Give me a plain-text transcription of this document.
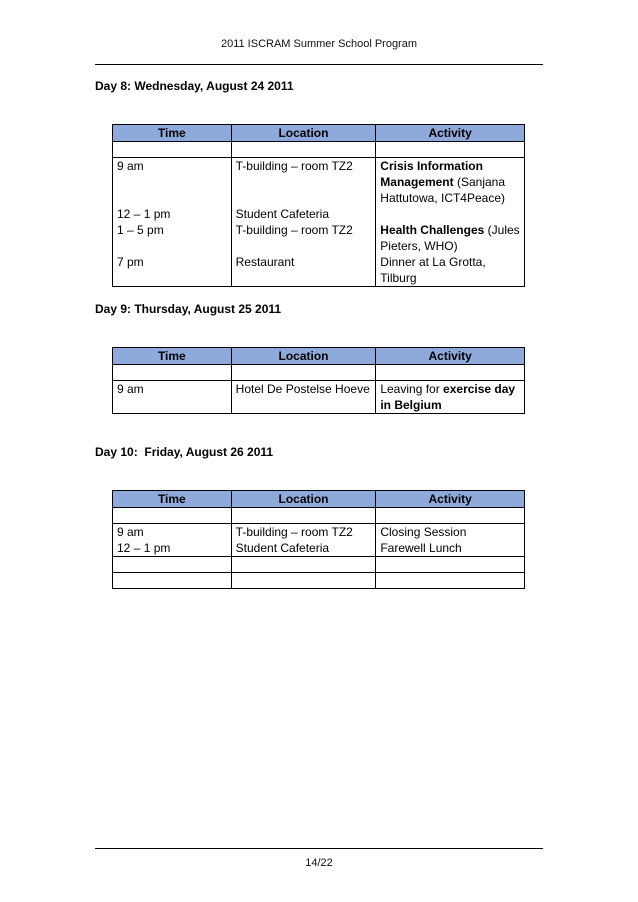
2011 ISCRAM Summer School Program
Day 8: Wednesday, August 24 2011
Time	Location	Activity

9 am	T-building – room TZ2	Crisis Information Management (Sanjana Hattutowa, ICT4Peace)
12 – 1 pm	Student Cafeteria	
1 – 5 pm	T-building – room TZ2	Health Challenges (Jules Pieters, WHO)
7 pm	Restaurant	Dinner at La Grotta, Tilburg
Day 9: Thursday, August 25 2011
Time	Location	Activity

9 am	Hotel De Postelse Hoeve	Leaving for exercise day in Belgium
Day 10:  Friday, August 26 2011
Time	Location	Activity

9 am	T-building – room TZ2	Closing Session
12 – 1 pm	Student Cafeteria	Farewell Lunch

14/22
